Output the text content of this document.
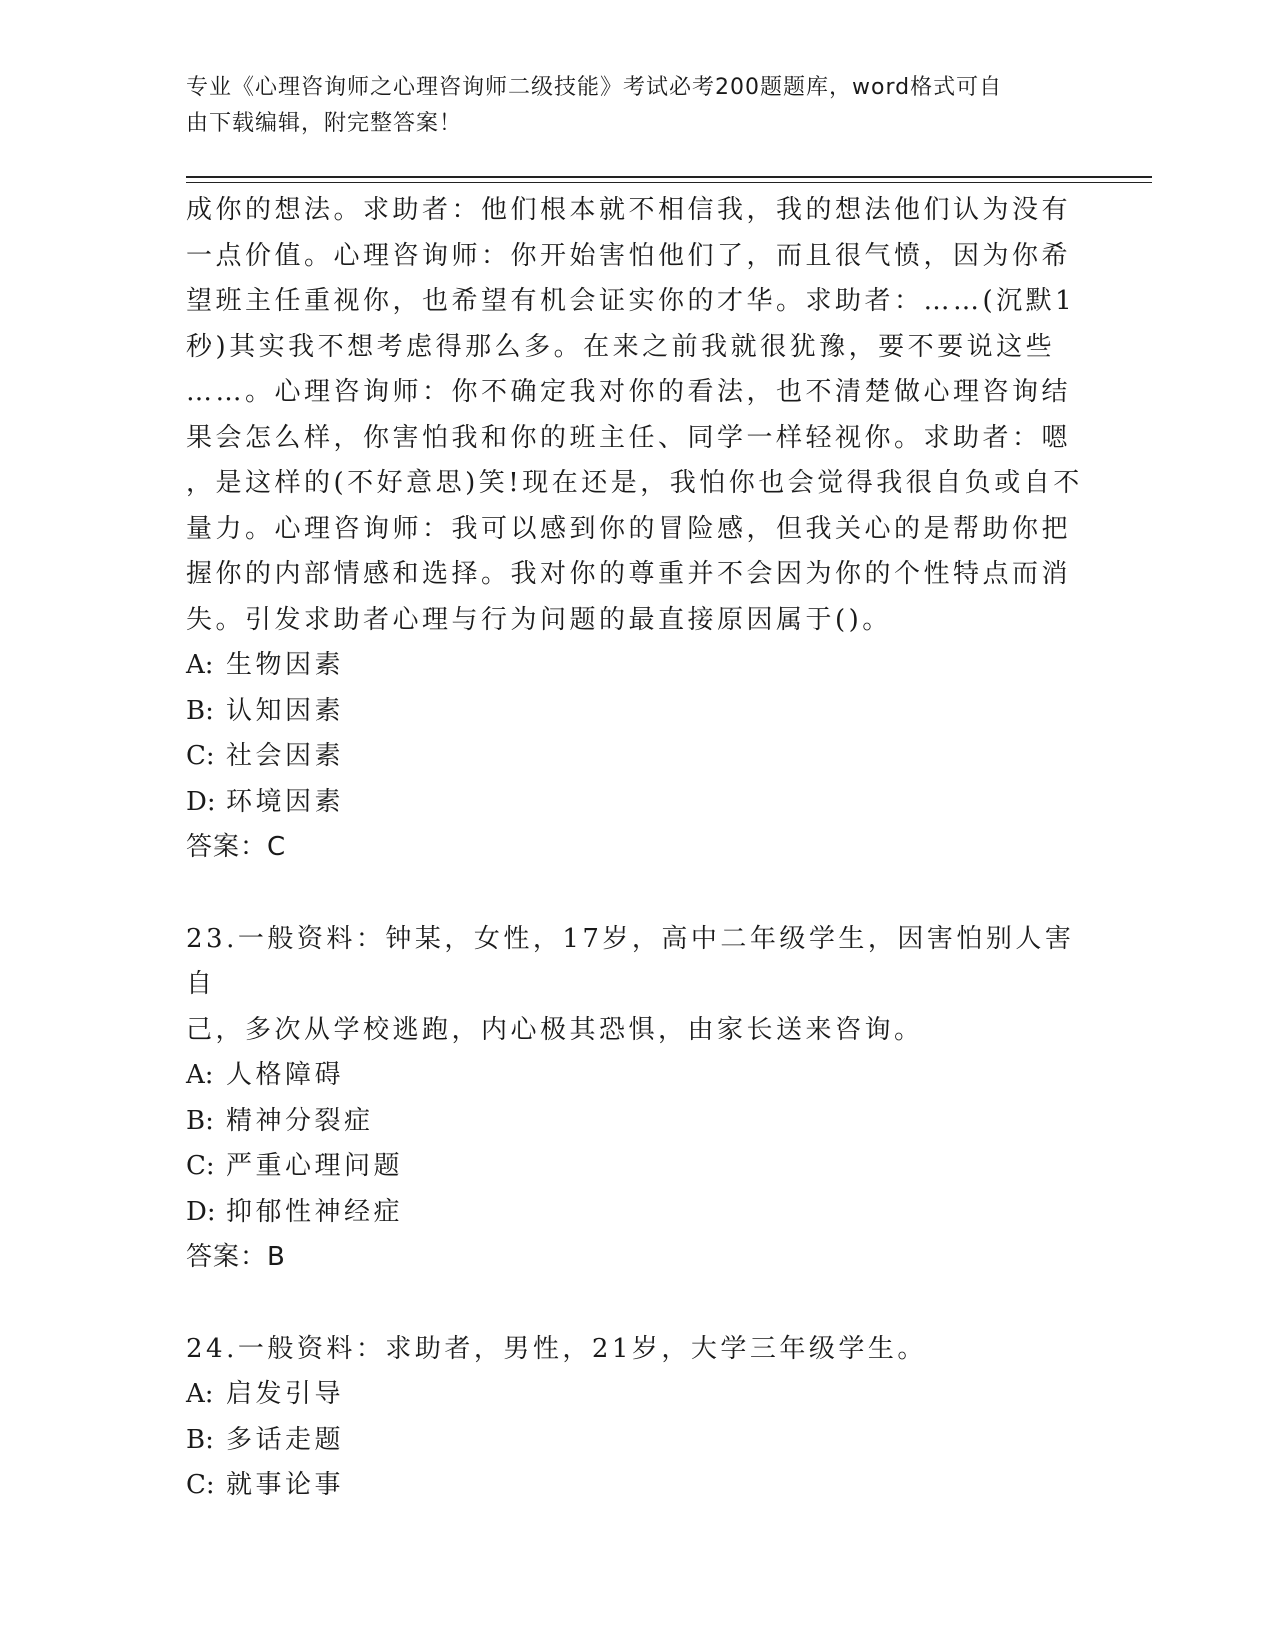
专业《心理咨询师之心理咨询师二级技能》考试必考200题题库，word格式可自
由下载编辑，附完整答案！
成你的想法。求助者：他们根本就不相信我，我的想法他们认为没有
一点价值。心理咨询师：你开始害怕他们了，而且很气愤，因为你希
望班主任重视你，也希望有机会证实你的才华。求助者：……(沉默1
秒)其实我不想考虑得那么多。在来之前我就很犹豫，要不要说这些
……。心理咨询师：你不确定我对你的看法，也不清楚做心理咨询结
果会怎么样，你害怕我和你的班主任、同学一样轻视你。求助者：嗯
，是这样的(不好意思)笑!现在还是，我怕你也会觉得我很自负或自不
量力。心理咨询师：我可以感到你的冒险感，但我关心的是帮助你把
握你的内部情感和选择。我对你的尊重并不会因为你的个性特点而消
失。引发求助者心理与行为问题的最直接原因属于()。
A: 生物因素
B: 认知因素
C: 社会因素
D: 环境因素
答案：C
23.一般资料：钟某，女性，17岁，高中二年级学生，因害怕别人害自
己，多次从学校逃跑，内心极其恐惧，由家长送来咨询。
A: 人格障碍
B: 精神分裂症
C: 严重心理问题
D: 抑郁性神经症
答案：B
24.一般资料：求助者，男性，21岁，大学三年级学生。
A: 启发引导
B: 多话走题
C: 就事论事
